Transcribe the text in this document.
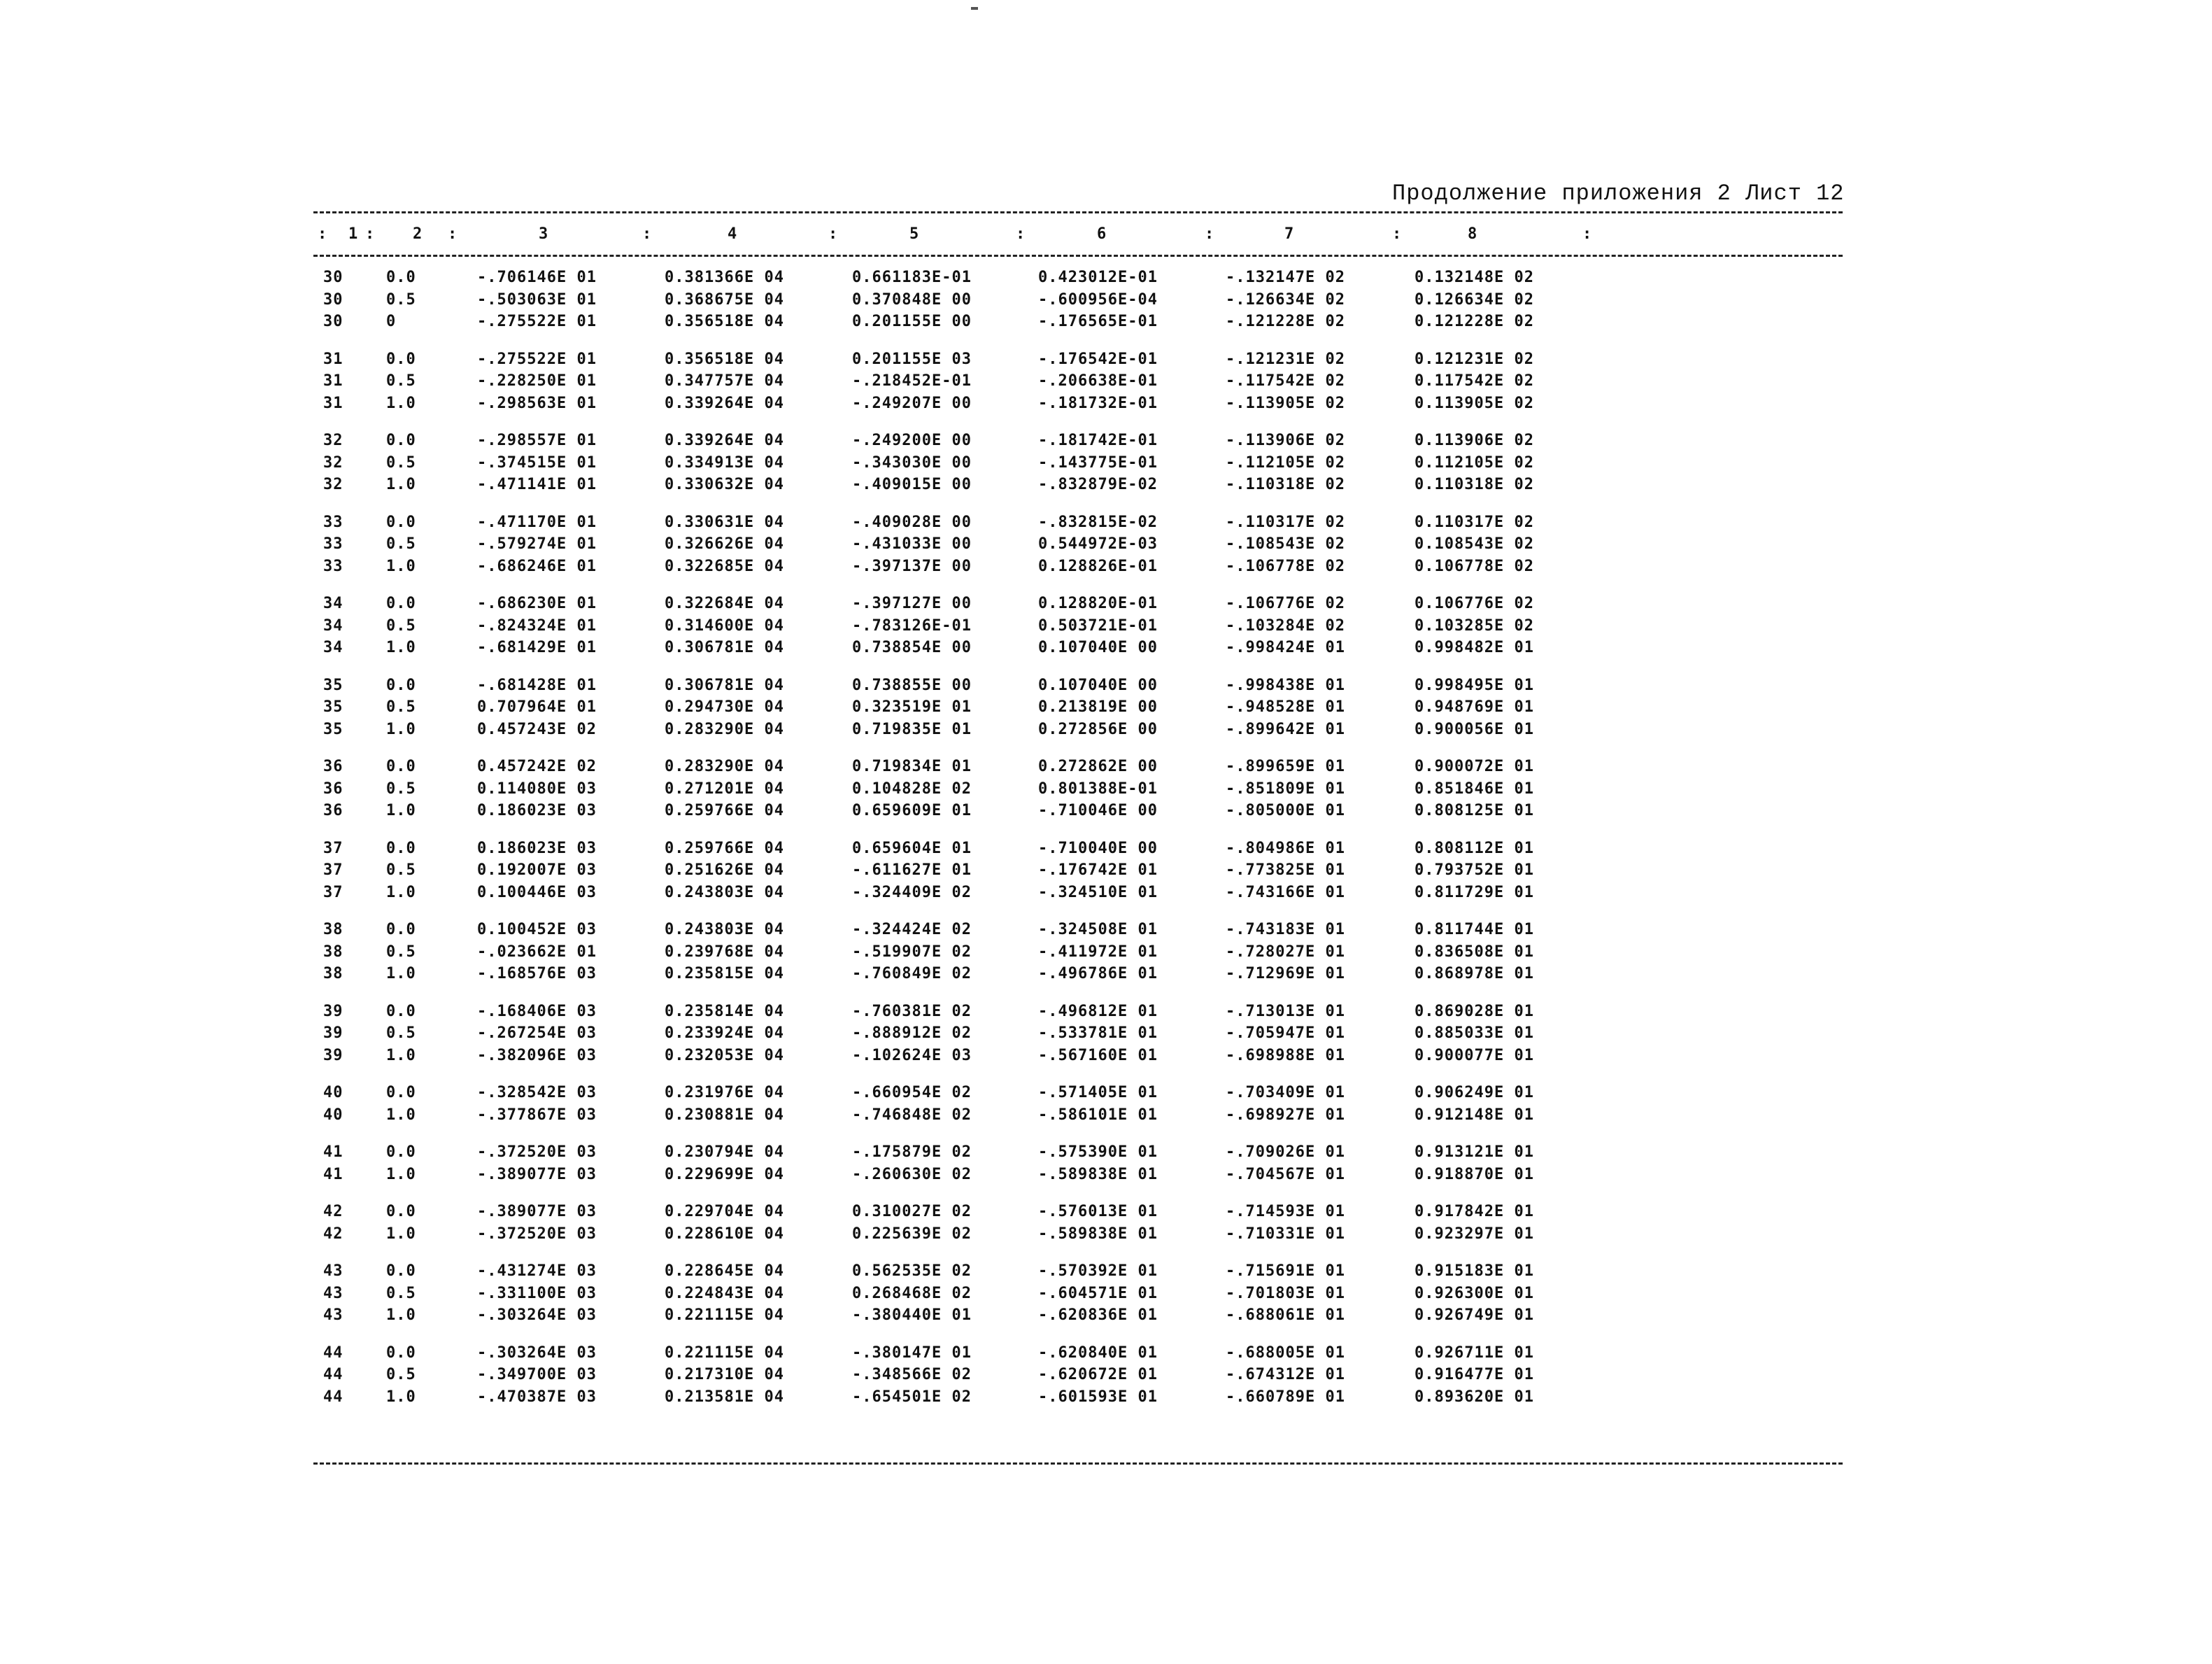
Продолжение приложения 2 Лист 12
1	2	3	4	5	6	7	8
: :	:	:	:	:	:	:	:
30	0.0	-.706146E 01	0.381366E 04	0.661183E-01	0.423012E-01	-.132147E 02	0.132148E 02
30	0.5	-.503063E 01	0.368675E 04	0.370848E 00	-.600956E-04	-.126634E 02	0.126634E 02
30	0	-.275522E 01	0.356518E 04	0.201155E 00	-.176565E-01	-.121228E 02	0.121228E 02
31	0.0	-.275522E 01	0.356518E 04	0.201155E 03	-.176542E-01	-.121231E 02	0.121231E 02
31	0.5	-.228250E 01	0.347757E 04	-.218452E-01	-.206638E-01	-.117542E 02	0.117542E 02
31	1.0	-.298563E 01	0.339264E 04	-.249207E 00	-.181732E-01	-.113905E 02	0.113905E 02
32	0.0	-.298557E 01	0.339264E 04	-.249200E 00	-.181742E-01	-.113906E 02	0.113906E 02
32	0.5	-.374515E 01	0.334913E 04	-.343030E 00	-.143775E-01	-.112105E 02	0.112105E 02
32	1.0	-.471141E 01	0.330632E 04	-.409015E 00	-.832879E-02	-.110318E 02	0.110318E 02
33	0.0	-.471170E 01	0.330631E 04	-.409028E 00	-.832815E-02	-.110317E 02	0.110317E 02
33	0.5	-.579274E 01	0.326626E 04	-.431033E 00	0.544972E-03	-.108543E 02	0.108543E 02
33	1.0	-.686246E 01	0.322685E 04	-.397137E 00	0.128826E-01	-.106778E 02	0.106778E 02
34	0.0	-.686230E 01	0.322684E 04	-.397127E 00	0.128820E-01	-.106776E 02	0.106776E 02
34	0.5	-.824324E 01	0.314600E 04	-.783126E-01	0.503721E-01	-.103284E 02	0.103285E 02
34	1.0	-.681429E 01	0.306781E 04	0.738854E 00	0.107040E 00	-.998424E 01	0.998482E 01
35	0.0	-.681428E 01	0.306781E 04	0.738855E 00	0.107040E 00	-.998438E 01	0.998495E 01
35	0.5	0.707964E 01	0.294730E 04	0.323519E 01	0.213819E 00	-.948528E 01	0.948769E 01
35	1.0	0.457243E 02	0.283290E 04	0.719835E 01	0.272856E 00	-.899642E 01	0.900056E 01
36	0.0	0.457242E 02	0.283290E 04	0.719834E 01	0.272862E 00	-.899659E 01	0.900072E 01
36	0.5	0.114080E 03	0.271201E 04	0.104828E 02	0.801388E-01	-.851809E 01	0.851846E 01
36	1.0	0.186023E 03	0.259766E 04	0.659609E 01	-.710046E 00	-.805000E 01	0.808125E 01
37	0.0	0.186023E 03	0.259766E 04	0.659604E 01	-.710040E 00	-.804986E 01	0.808112E 01
37	0.5	0.192007E 03	0.251626E 04	-.611627E 01	-.176742E 01	-.773825E 01	0.793752E 01
37	1.0	0.100446E 03	0.243803E 04	-.324409E 02	-.324510E 01	-.743166E 01	0.811729E 01
38	0.0	0.100452E 03	0.243803E 04	-.324424E 02	-.324508E 01	-.743183E 01	0.811744E 01
38	0.5	-.023662E 01	0.239768E 04	-.519907E 02	-.411972E 01	-.728027E 01	0.836508E 01
38	1.0	-.168576E 03	0.235815E 04	-.760849E 02	-.496786E 01	-.712969E 01	0.868978E 01
39	0.0	-.168406E 03	0.235814E 04	-.760381E 02	-.496812E 01	-.713013E 01	0.869028E 01
39	0.5	-.267254E 03	0.233924E 04	-.888912E 02	-.533781E 01	-.705947E 01	0.885033E 01
39	1.0	-.382096E 03	0.232053E 04	-.102624E 03	-.567160E 01	-.698988E 01	0.900077E 01
40	0.0	-.328542E 03	0.231976E 04	-.660954E 02	-.571405E 01	-.703409E 01	0.906249E 01
40	1.0	-.377867E 03	0.230881E 04	-.746848E 02	-.586101E 01	-.698927E 01	0.912148E 01
41	0.0	-.372520E 03	0.230794E 04	-.175879E 02	-.575390E 01	-.709026E 01	0.913121E 01
41	1.0	-.389077E 03	0.229699E 04	-.260630E 02	-.589838E 01	-.704567E 01	0.918870E 01
42	0.0	-.389077E 03	0.229704E 04	0.310027E 02	-.576013E 01	-.714593E 01	0.917842E 01
42	1.0	-.372520E 03	0.228610E 04	0.225639E 02	-.589838E 01	-.710331E 01	0.923297E 01
43	0.0	-.431274E 03	0.228645E 04	0.562535E 02	-.570392E 01	-.715691E 01	0.915183E 01
43	0.5	-.331100E 03	0.224843E 04	0.268468E 02	-.604571E 01	-.701803E 01	0.926300E 01
43	1.0	-.303264E 03	0.221115E 04	-.380440E 01	-.620836E 01	-.688061E 01	0.926749E 01
44	0.0	-.303264E 03	0.221115E 04	-.380147E 01	-.620840E 01	-.688005E 01	0.926711E 01
44	0.5	-.349700E 03	0.217310E 04	-.348566E 02	-.620672E 01	-.674312E 01	0.916477E 01
44	1.0	-.470387E 03	0.213581E 04	-.654501E 02	-.601593E 01	-.660789E 01	0.893620E 01
